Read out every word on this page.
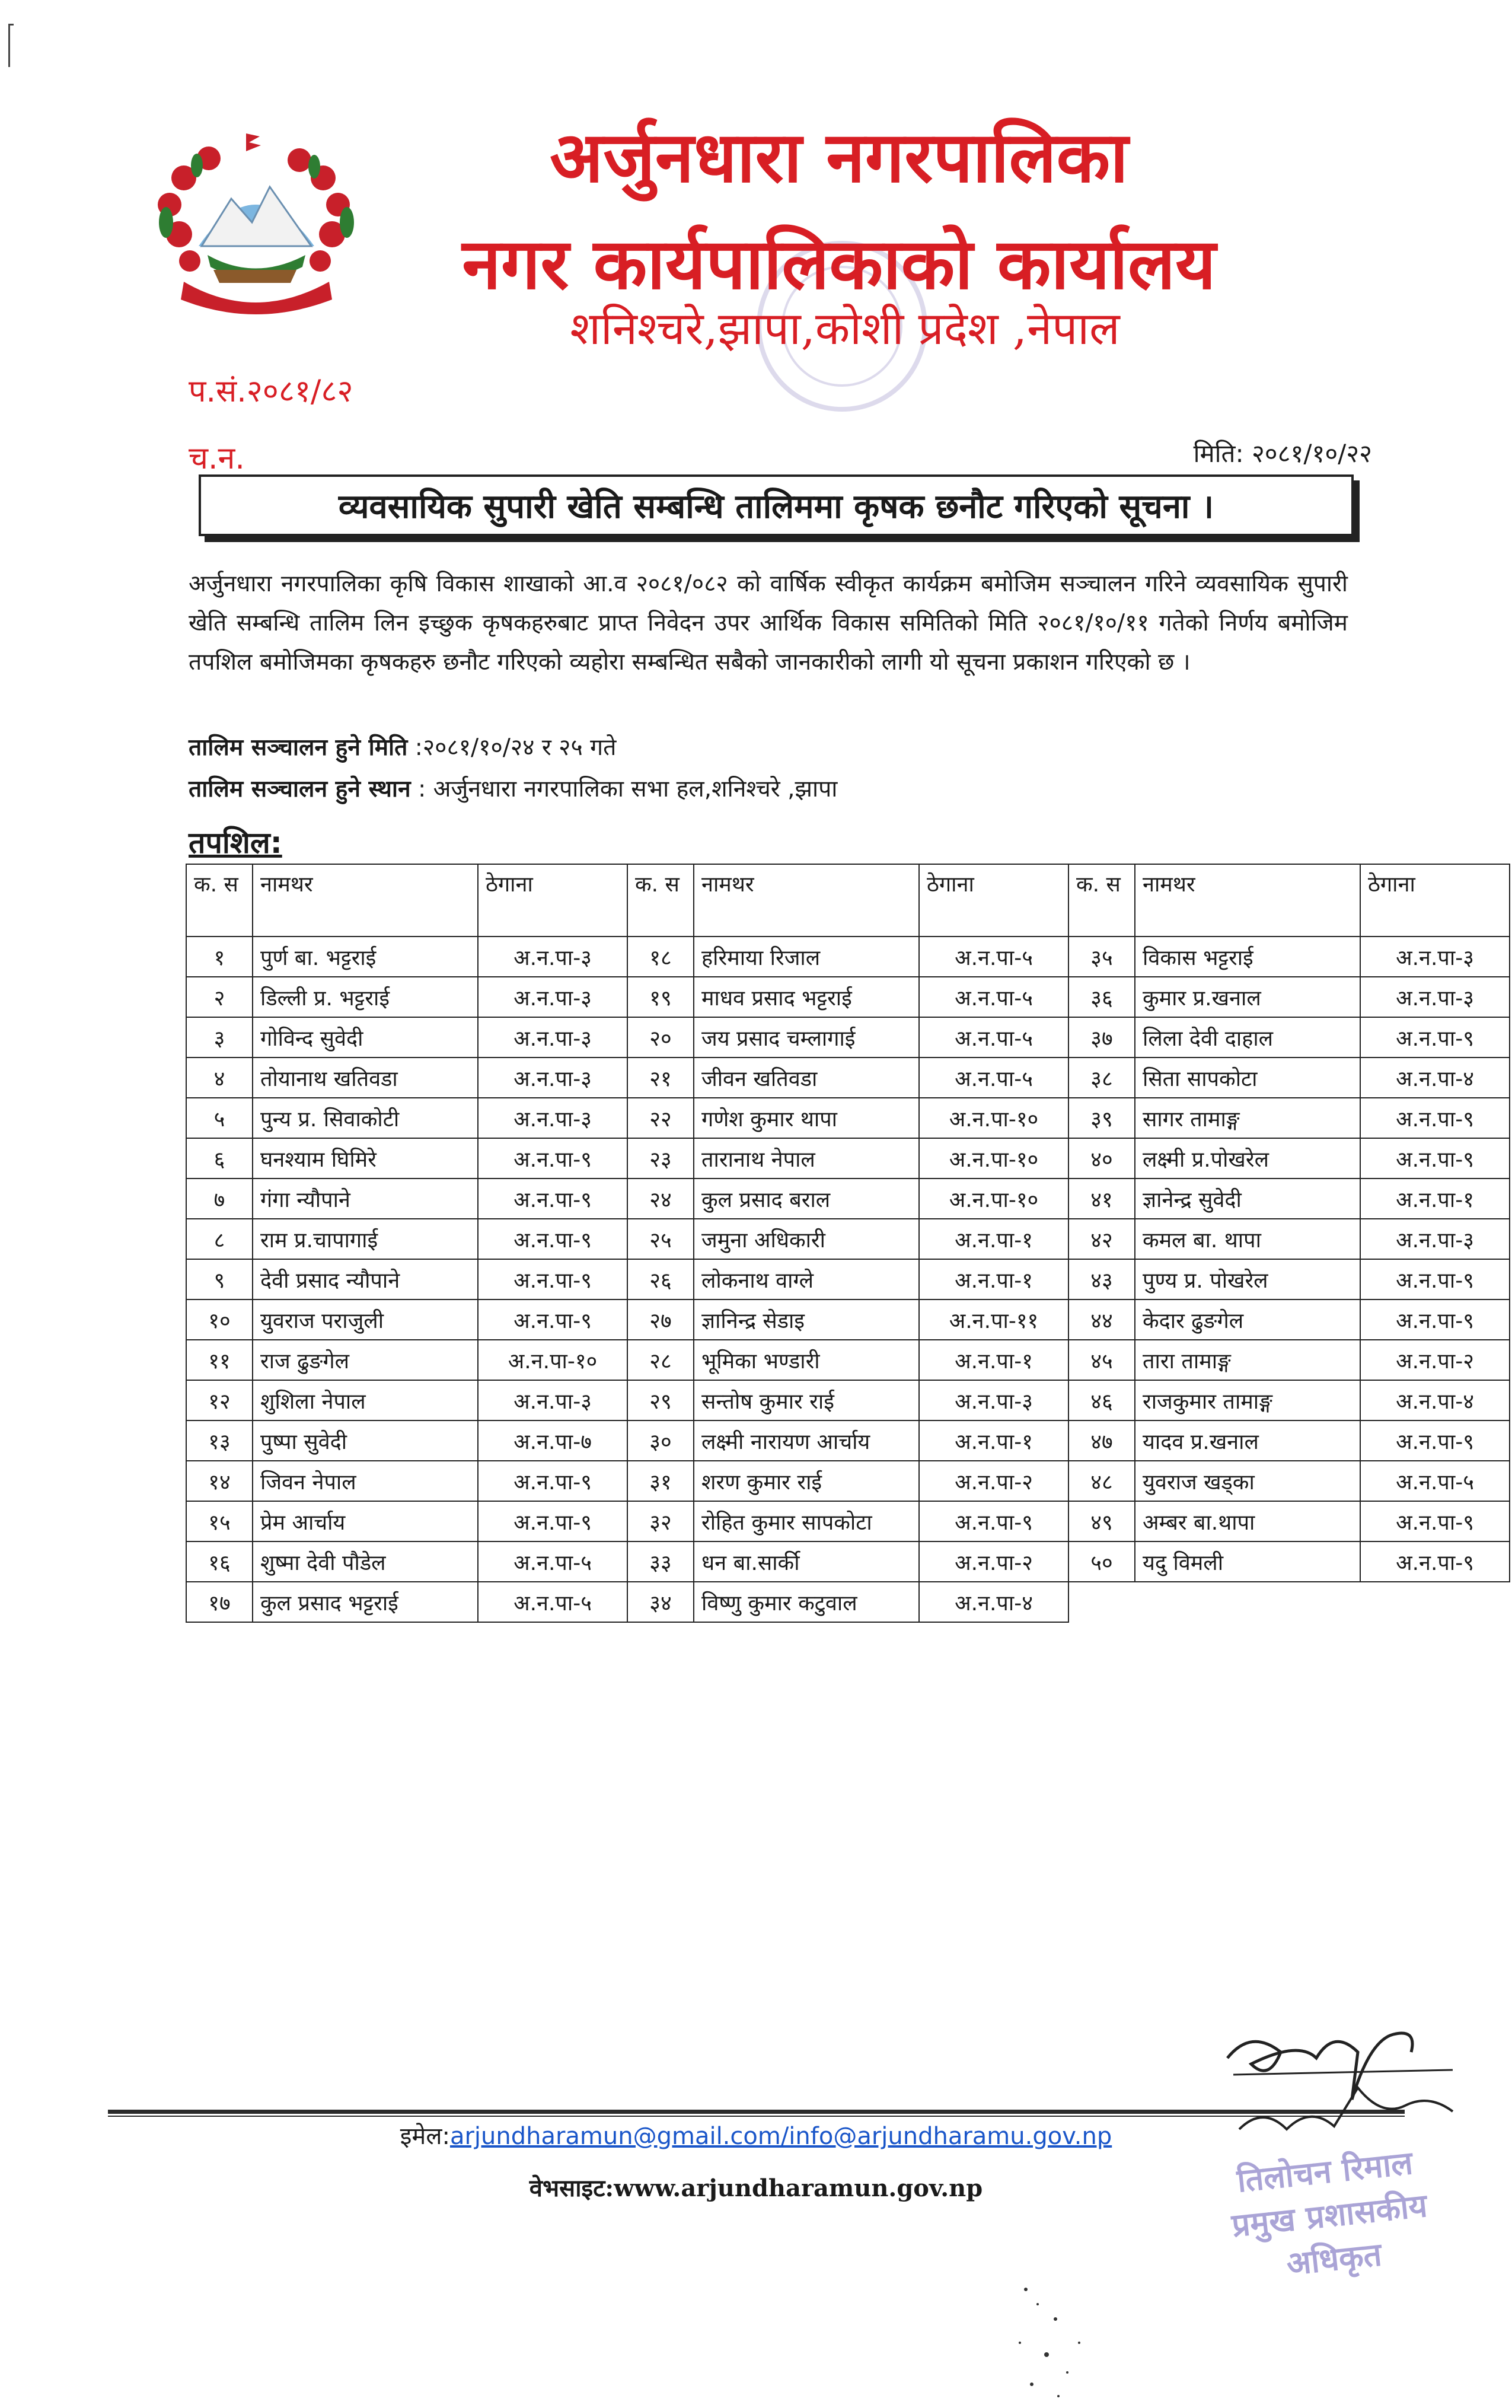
अर्जुनधारा नगरपालिका
नगर कार्यपालिकाको कार्यालय
शनिश्चरे,झापा,कोशी प्रदेश ,नेपाल
प.सं.२०८१/८२
च.न.	मिति: २०८१/१०/२२
व्यवसायिक सुपारी खेति सम्बन्धि तालिममा कृषक छनौट गरिएको सूचना ।
अर्जुनधारा नगरपालिका कृषि विकास शाखाको आ.व २०८१/०८२ को वार्षिक स्वीकृत कार्यक्रम बमोजिम सञ्चालन गरिने व्यवसायिक सुपारी खेति सम्बन्धि तालिम लिन इच्छुक कृषकहरुबाट प्राप्त निवेदन उपर आर्थिक विकास समितिको मिति २०८१/१०/११ गतेको निर्णय बमोजिम तपशिल बमोजिमका कृषकहरु छनौट गरिएको व्यहोरा सम्बन्धित सबैको जानकारीको लागी यो सूचना प्रकाशन गरिएको छ ।
तालिम सञ्चालन हुने मिति :२०८१/१०/२४ र २५ गते
तालिम सञ्चालन हुने स्थान : अर्जुनधारा नगरपालिका सभा हल,शनिश्चरे ,झापा
तपशिल:
क. स	नामथर	ठेगाना	क. स	नामथर	ठेगाना	क. स	नामथर	ठेगाना
१	पुर्ण बा. भट्टराई	अ.न.पा-३	१८	हरिमाया रिजाल	अ.न.पा-५	३५	विकास भट्टराई	अ.न.पा-३
२	डिल्ली प्र. भट्टराई	अ.न.पा-३	१९	माधव प्रसाद भट्टराई	अ.न.पा-५	३६	कुमार प्र.खनाल	अ.न.पा-३
३	गोविन्द सुवेदी	अ.न.पा-३	२०	जय प्रसाद चम्लागाई	अ.न.पा-५	३७	लिला देवी दाहाल	अ.न.पा-९
४	तोयानाथ खतिवडा	अ.न.पा-३	२१	जीवन खतिवडा	अ.न.पा-५	३८	सिता सापकोटा	अ.न.पा-४
५	पुन्य प्र. सिवाकोटी	अ.न.पा-३	२२	गणेश कुमार थापा	अ.न.पा-१०	३९	सागर तामाङ्ग	अ.न.पा-९
६	घनश्याम घिमिरे	अ.न.पा-९	२३	तारानाथ नेपाल	अ.न.पा-१०	४०	लक्ष्मी प्र.पोखरेल	अ.न.पा-९
७	गंगा न्यौपाने	अ.न.पा-९	२४	कुल प्रसाद बराल	अ.न.पा-१०	४१	ज्ञानेन्द्र सुवेदी	अ.न.पा-१
८	राम प्र.चापागाई	अ.न.पा-९	२५	जमुना अधिकारी	अ.न.पा-१	४२	कमल बा. थापा	अ.न.पा-३
९	देवी प्रसाद न्यौपाने	अ.न.पा-९	२६	लोकनाथ वाग्ले	अ.न.पा-१	४३	पुण्य प्र. पोखरेल	अ.न.पा-९
१०	युवराज पराजुली	अ.न.पा-९	२७	ज्ञानिन्द्र सेडाइ	अ.न.पा-११	४४	केदार ढुङगेल	अ.न.पा-९
११	राज ढुङगेल	अ.न.पा-१०	२८	भूमिका भण्डारी	अ.न.पा-१	४५	तारा तामाङ्ग	अ.न.पा-२
१२	शुशिला नेपाल	अ.न.पा-३	२९	सन्तोष कुमार राई	अ.न.पा-३	४६	राजकुमार तामाङ्ग	अ.न.पा-४
१३	पुष्पा सुवेदी	अ.न.पा-७	३०	लक्ष्मी नारायण आर्चाय	अ.न.पा-१	४७	यादव प्र.खनाल	अ.न.पा-९
१४	जिवन नेपाल	अ.न.पा-९	३१	शरण कुमार राई	अ.न.पा-२	४८	युवराज खड्का	अ.न.पा-५
१५	प्रेम आर्चाय	अ.न.पा-९	३२	रोहित कुमार सापकोटा	अ.न.पा-९	४९	अम्बर बा.थापा	अ.न.पा-९
१६	शुष्मा देवी पौडेल	अ.न.पा-५	३३	धन बा.सार्की	अ.न.पा-२	५०	यदु विमली	अ.न.पा-९
१७	कुल प्रसाद भट्टराई	अ.न.पा-५	३४	विष्णु कुमार कटुवाल	अ.न.पा-४			
इमेल:arjundharamun@gmail.com/info@arjundharamu.gov.np
वेभसाइट:www.arjundharamun.gov.np	तिलोचन रिमाल
प्रमुख प्रशासकीय अधिकृत
